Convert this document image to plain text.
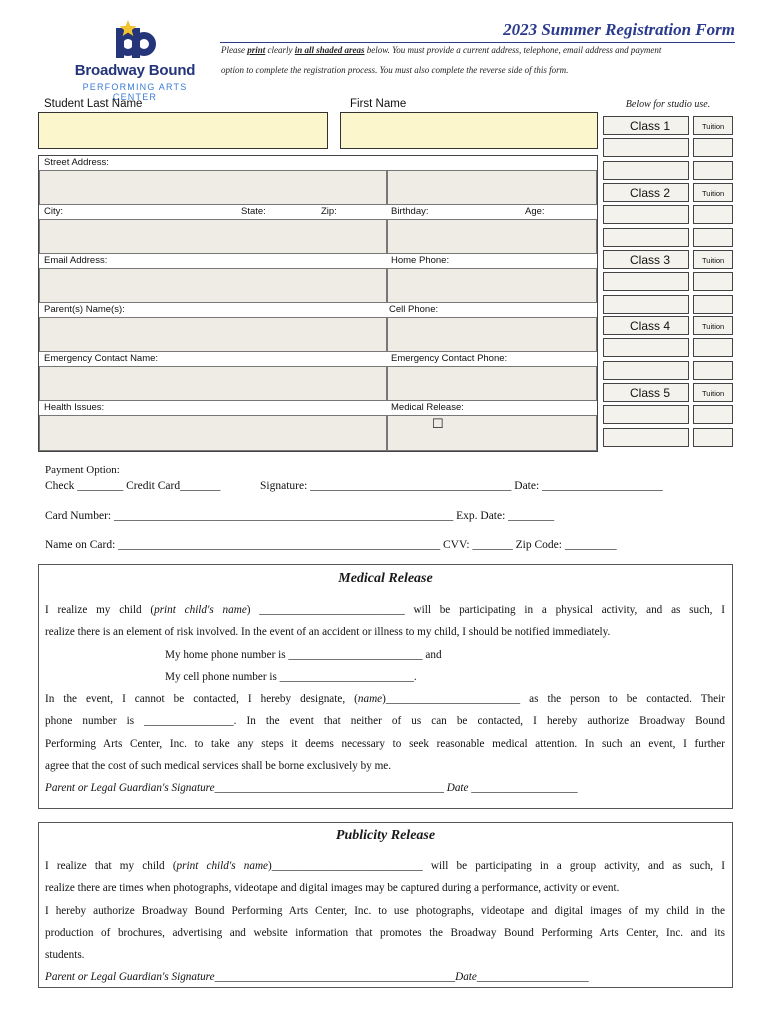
Broadway Bound
PERFORMING ARTS CENTER
2023 Summer Registration Form
Please print clearly in all shaded areas below. You must provide a current address, telephone, email address and payment
option to complete the registration process. You must also complete the reverse side of this form.
Student Last Name	First Name	Below for studio use.
Class 1	Tuition
Class 2	Tuition
Class 3	Tuition
Class 4	Tuition
Class 5	Tuition
Street Address:
City:	State:	Zip:	Birthday:	Age:
Email Address:	Home Phone:
Parent(s) Name(s):	Cell Phone:
Emergency Contact Name:	Emergency Contact Phone:
Health Issues:	Medical Release:
☐
Payment Option:
Check ________ Credit Card_______	Signature: ___________________________________ Date: _____________________
Card Number: ___________________________________________________________ Exp. Date: ________
Name on Card: ________________________________________________________ CVV: _______ Zip Code: _________
Medical Release
I realize my child (print child's name) __________________________ will be participating in a physical activity, and as such, I
realize there is an element of risk involved. In the event of an accident or illness to my child, I should be notified immediately.
My home phone number is ________________________ and
My cell phone number is ________________________.
In the event, I cannot be contacted, I hereby designate, (name)________________________ as the person to be contacted. Their
phone number is ________________. In the event that neither of us can be contacted, I hereby authorize Broadway Bound
Performing Arts Center, Inc. to take any steps it deems necessary to seek reasonable medical attention. In such an event, I further
agree that the cost of such medical services shall be borne exclusively by me.
Parent or Legal Guardian's Signature_________________________________________ Date ___________________
Publicity Release
I realize that my child (print child's name)___________________________ will be participating in a group activity, and as such, I
realize there are times when photographs, videotape and digital images may be captured during a performance, activity or event.
I hereby authorize Broadway Bound Performing Arts Center, Inc. to use photographs, videotape and digital images of my child in the
production of brochures, advertising and website information that promotes the Broadway Bound Performing Arts Center, Inc. and its
students.
Parent or Legal Guardian's Signature___________________________________________Date____________________
